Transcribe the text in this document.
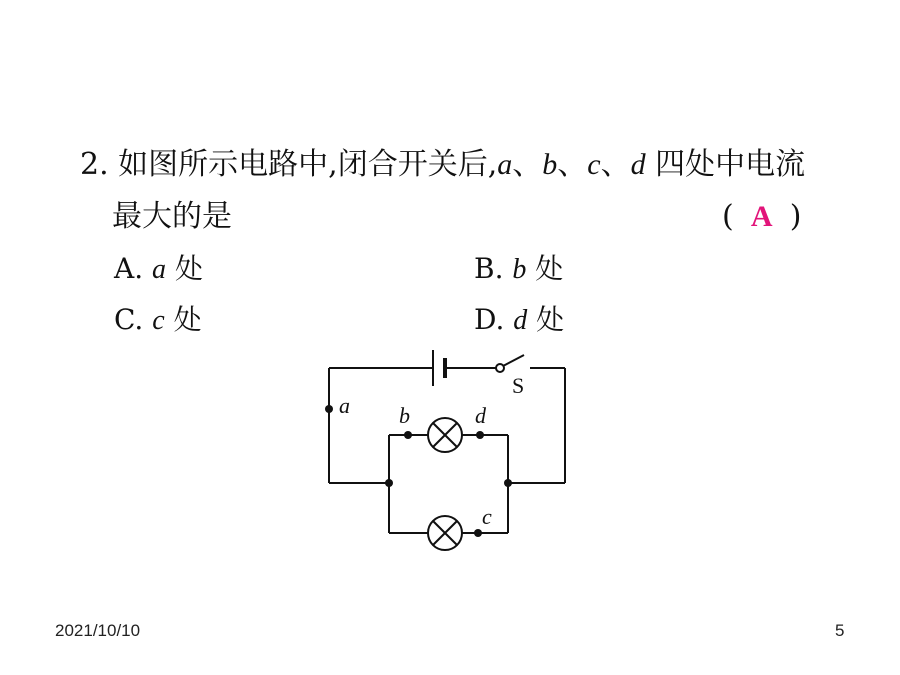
2. 如图所示电路中,闭合开关后,a、b、c、d 四处中电流
最大的是	( A )
A. a 处	B. b 处
C. c 处	D. d 处
S
a b	d
c
2021/10/10	5
